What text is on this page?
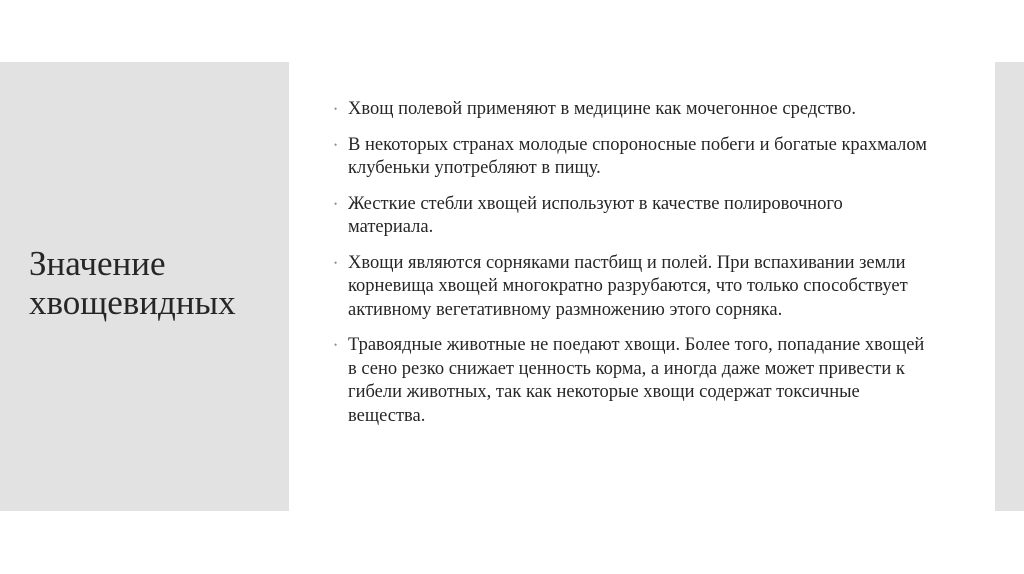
Значение хвощевидных
• Хвощ полевой применяют в медицине как мочегонное средство.
• В некоторых странах молодые спороносные побеги и богатые крахмалом клубеньки употребляют в пищу.
• Жесткие стебли хвощей используют в качестве полировочного материала.
• Хвощи являются сорняками пастбищ и полей. При вспахивании земли корневища хвощей многократно разрубаются, что только способствует активному вегетативному размножению этого сорняка.
• Травоядные животные не поедают хвощи. Более того, попадание хвощей в сено резко снижает ценность корма, а иногда даже может привести к гибели животных, так как некоторые хвощи содержат токсичные вещества.
